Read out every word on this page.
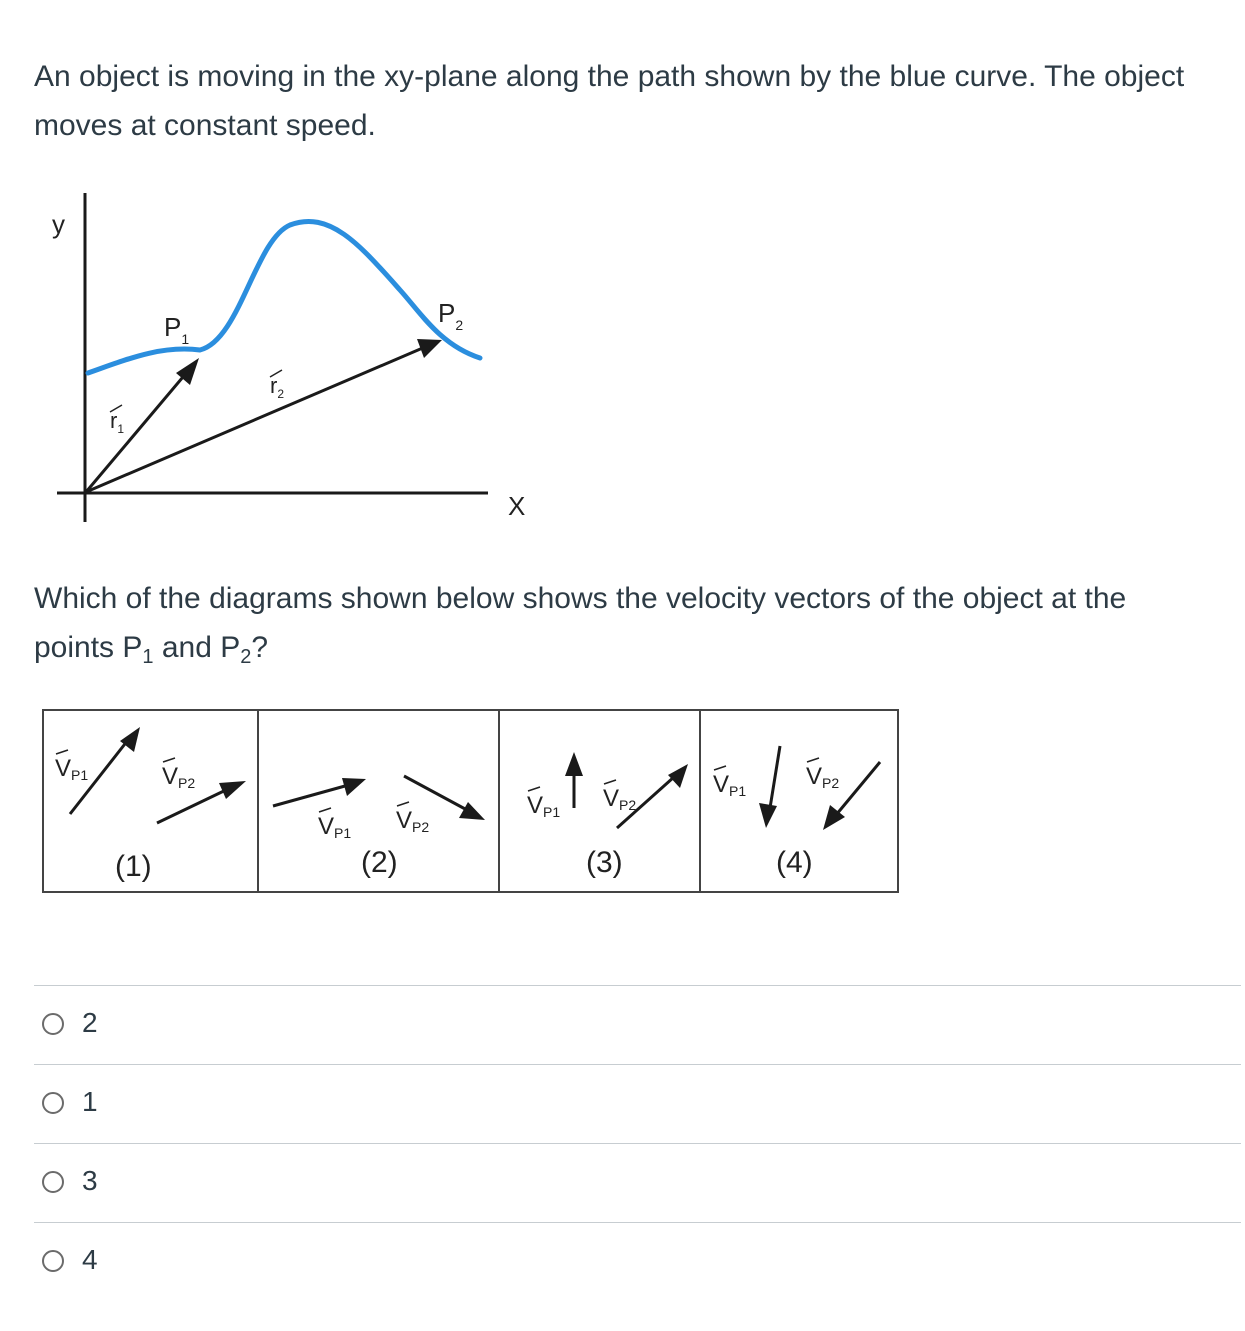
An object is moving in the xy-plane along the path shown by the blue curve. The object moves at constant speed.
y
X
$P_1$
$P_2$
$r_1$
$r_2$
Which of the diagrams shown below shows the velocity vectors of the object at the points $P_1$ and $P_2$?
VP1	VP2
(1)
VP1 VP2
(2)
VP1 VP2
(3)
VP1
VP2
(4)
2
1
3
4
